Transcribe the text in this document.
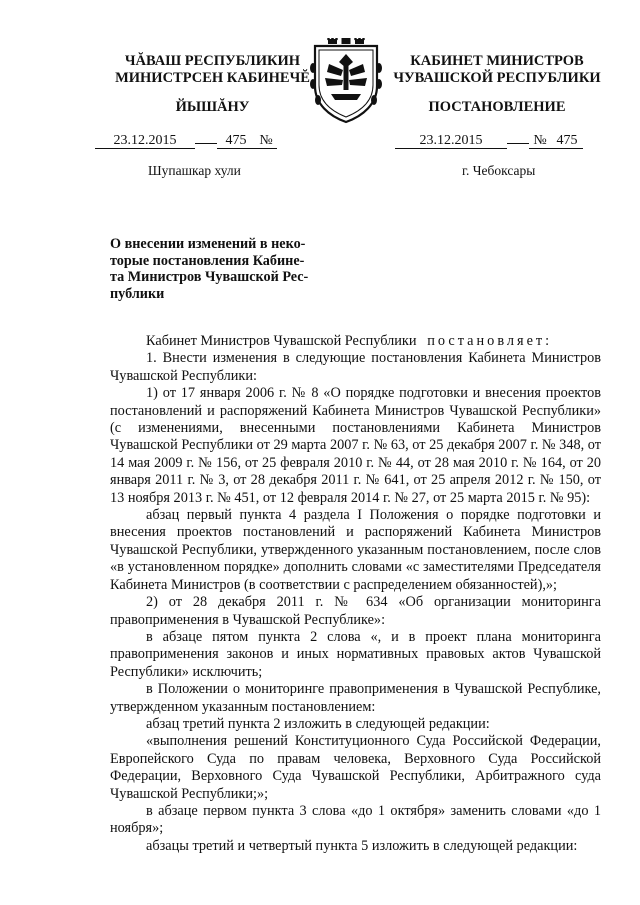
ЧĂВАШ РЕСПУБЛИКИН
МИНИСТРСЕН КАБИНЕЧĔ
ЙЫШĂНУ
КАБИНЕТ МИНИСТРОВ
ЧУВАШСКОЙ РЕСПУБЛИКИ
ПОСТАНОВЛЕНИЕ
23.12.2015	475 №	23.12.2015	№ 475
Шупашкар хули	г. Чебоксары
О внесении изменений в неко-
торые постановления Кабине-
та Министров Чувашской Рес-
публики

Кабинет Министров Чувашской Республики постановляет:

1. Внести изменения в следующие постановления Кабинета Министров Чувашской Республики:

1) от 17 января 2006 г. № 8 «О порядке подготовки и внесения проектов постановлений и распоряжений Кабинета Министров Чувашской Республики» (с изменениями, внесенными постановлениями Кабинета Министров Чувашской Республики от 29 марта 2007 г. № 63, от 25 декабря 2007 г. № 348, от 14 мая 2009 г. № 156, от 25 февраля 2010 г. № 44, от 28 мая 2010 г. № 164, от 20 января 2011 г. № 3, от 28 декабря 2011 г. № 641, от 25 апреля 2012 г. № 150, от 13 ноября 2013 г. № 451, от 12 февраля 2014 г. № 27, от 25 марта 2015 г. № 95):

абзац первый пункта 4 раздела I Положения о порядке подготовки и внесения проектов постановлений и распоряжений Кабинета Министров Чувашской Республики, утвержденного указанным постановлением, после слов «в установленном порядке» дополнить словами «с заместителями Председателя Кабинета Министров (в соответствии с распределением обязанностей),»;

2) от 28 декабря 2011 г. № 634 «Об организации мониторинга правоприменения в Чувашской Республике»:

в абзаце пятом пункта 2 слова «, и в проект плана мониторинга правоприменения законов и иных нормативных правовых актов Чувашской Республики» исключить;

в Положении о мониторинге правоприменения в Чувашской Республике, утвержденном указанным постановлением:

абзац третий пункта 2 изложить в следующей редакции:

«выполнения решений Конституционного Суда Российской Федерации, Европейского Суда по правам человека, Верховного Суда Российской Федерации, Верховного Суда Чувашской Республики, Арбитражного суда Чувашской Республики;»;

в абзаце первом пункта 3 слова «до 1 октября» заменить словами «до 1 ноября»;

абзацы третий и четвертый пункта 5 изложить в следующей редакции:
